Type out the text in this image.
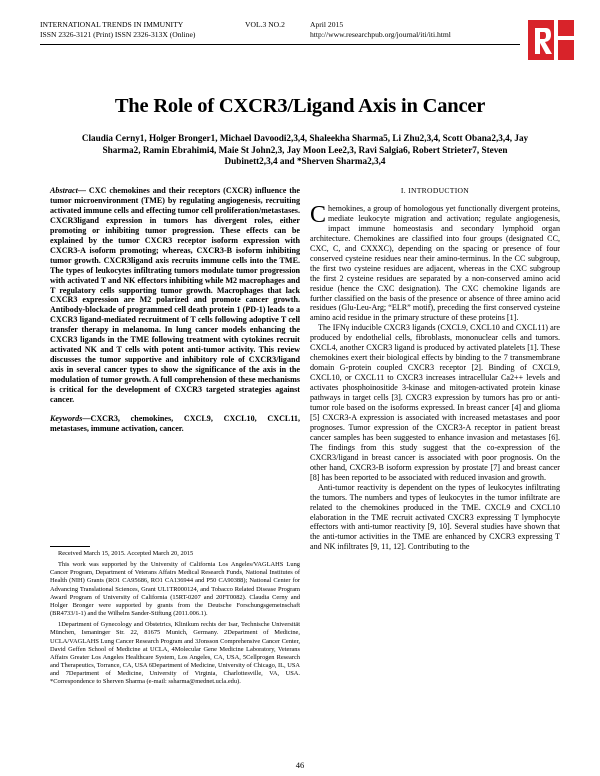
INTERNATIONAL TRENDS IN IMMUNITY	VOL.3 NO.2	April 2015
ISSN 2326-3121 (Print) ISSN 2326-313X (Online)	http://www.researchpub.org/journal/iti/iti.html
The Role of CXCR3/Ligand Axis in Cancer
Claudia Cerny1, Holger Bronger1, Michael Davoodi2,3,4, Shaleekha Sharma5, Li Zhu2,3,4, Scott Obana2,3,4, Jay Sharma2, Ramin Ebrahimi4, Maie St John2,3, Jay Moon Lee2,3, Ravi Salgia6, Robert Strieter7, Steven Dubinett2,3,4 and *Sherven Sharma2,3,4
Abstract— CXC chemokines and their receptors (CXCR) influence the tumor microenvironment (TME) by regulating angiogenesis, recruiting activated immune cells and effecting tumor cell proliferation/metastases. CXCR3ligand expression in tumors has divergent roles, either promoting or inhibiting tumor progression. These effects can be explained by the tumor CXCR3 receptor isoform expression with CXCR3-A isoform promoting; whereas, CXCR3-B isoform inhibiting tumor growth. CXCR3ligand axis recruits immune cells into the TME. The types of leukocytes infiltrating tumors modulate tumor progression with activated T and NK effectors inhibiting while M2 macrophages and T regulatory cells supporting tumor growth. Macrophages that lack CXCR3 expression are M2 polarized and promote cancer growth. Antibody-blockade of programmed cell death protein 1 (PD-1) leads to a CXCR3 ligand-mediated recruitment of T cells following adoptive T cell transfer therapy in melanoma. In lung cancer models enhancing the CXCR3 ligands in the TME following treatment with cytokines recruit activated NK and T cells with potent anti-tumor activity. This review discusses the tumor supportive and inhibitory role of CXCR3/ligand axis in several cancer types to show the significance of the axis in the modulation of tumor growth. A full comprehension of these mechanisms is critical for the development of CXCR3 targeted strategies against cancer.
Keywords—CXCR3, chemokines, CXCL9, CXCL10, CXCL11, metastases, immune activation, cancer.

Received March 15, 2015. Accepted March 20, 2015

This work was supported by the University of California Los Angeles/VAGLAHS Lung Cancer Program, Department of Veterans Affairs Medical Research Funds, National Institutes of Health (NIH) Grants (RO1 CA95686, RO1 CA136944 and P50 CA90388); National Center for Advancing Translational Sciences, Grant UL1TR000124, and Tobacco Related Disease Program Award Program of University of California (15RT-0207 and 20FT0082). Claudia Cerny and Holger Bronger were supported by grants from the Deutsche Forschungsgemeinschaft (BR4733/1-1) and the Wilhelm Sander-Stiftung (2011.006.1).

1Department of Gynecology and Obstetrics, Klinikum rechts der Isar, Technische Universität München, Ismaninger Str. 22, 81675 Munich, Germany. 2Department of Medicine, UCLA/VAGLAHS Lung Cancer Research Program and 3Jonsson Comprehensive Cancer Center, David Geffen School of Medicine at UCLA, 4Molecular Gene Medicine Laboratory, Veterans Affairs Greater Los Angeles Healthcare System, Los Angeles, CA, USA, 5Cellprogen Research and Therapeutics, Torrance, CA, USA 6Department of Medicine, University of Chicago, IL, USA and 7Department of Medicine, University of Virginia, Charlottesville, VA, USA. *Correspondence to Sherven Sharma (e-mail: ssharma@mednet.ucla.edu).

I. INTRODUCTION

Chemokines, a group of homologous yet functionally divergent proteins, mediate leukocyte migration and activation; regulate angiogenesis, impact immune homeostasis and secondary lymphoid organ architecture. Chemokines are classified into four groups (designated CC, CXC, C, and CXXXC), depending on the spacing or presence of four conserved cysteine residues near their amino-terminus. In the CC subgroup, the first two cysteine residues are adjacent, whereas in the CXC subgroup the first 2 cysteine residues are separated by a non-conserved amino acid residue (hence the CXC designation). The CXC chemokine ligands are further classified on the basis of the presence or absence of three amino acid residues (Glu-Leu-Arg; “ELR” motif), preceding the first conserved cysteine amino acid residue in the primary structure of these proteins [1].

The IFNγ inducible CXCR3 ligands (CXCL9, CXCL10 and CXCL11) are produced by endothelial cells, fibroblasts, mononuclear cells and tumors. CXCL4, another CXCR3 ligand is produced by activated platelets [1]. These chemokines exert their biological effects by binding to the 7 transmembrane domain G-protein coupled CXCR3 receptor [2]. Binding of CXCL9, CXCL10, or CXCL11 to CXCR3 increases intracellular Ca2++ levels and activates phosphoinositide 3-kinase and mitogen-activated protein kinase pathways in target cells [3]. CXCR3 expression by tumors has pro or anti-tumor role based on the isoforms expressed. In breast cancer [4] and glioma [5] CXCR3-A expression is associated with increased metastases and poor prognoses. Tumor expression of the CXCR3-A receptor in patient breast cancer samples has been suggested to enhance invasion and metastases [6]. The findings from this study suggest that the co-expression of the CXCR3/ligand in breast cancer is associated with poor prognosis. On the other hand, CXCR3-B isoform expression by prostate [7] and breast cancer [8] has been reported to be associated with reduced invasion and growth.

Anti-tumor reactivity is dependent on the types of leukocytes infiltrating the tumors. The numbers and types of leukocytes in the tumor infiltrate are related to the chemokines produced in the TME. CXCL9 and CXCL10 elaboration in the TME recruit activated CXCR3 expressing T lymphocyte effectors with anti-tumor reactivity [9, 10]. Several studies have shown that the anti-tumor activities in the TME are enhanced by CXCR3 expressing T and NK infiltrates [9, 11, 12]. Contributing to the

46
